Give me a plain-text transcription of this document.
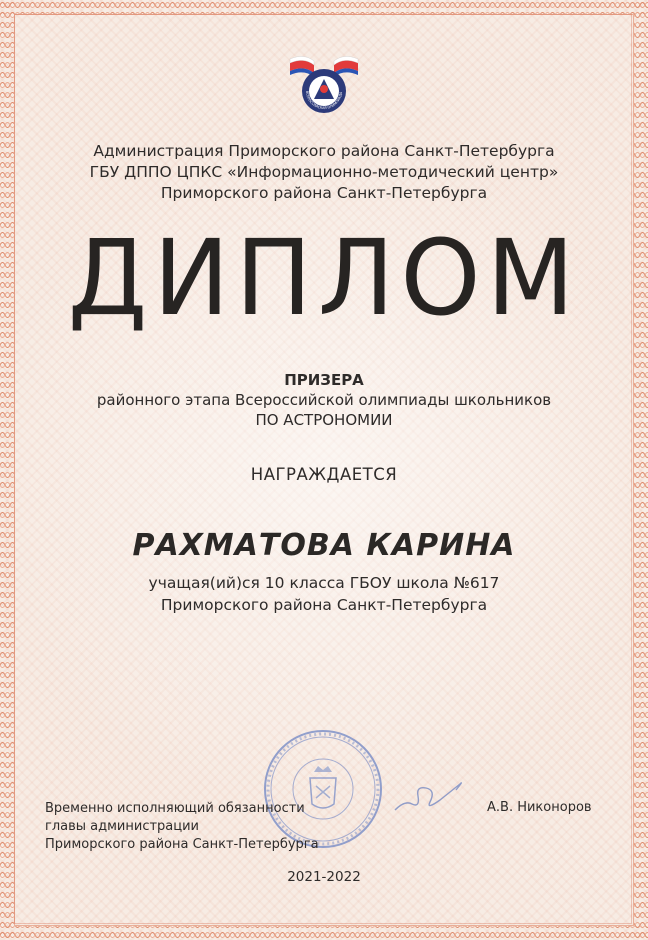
ВСЕРОССИЙСКАЯ ОЛИМПИАДА
Администрация Приморского района Санкт-Петербурга
ГБУ ДППО ЦПКС «Информационно-методический центр»
Приморского района Санкт-Петербурга
ДИПЛОМ
ПРИЗЕРА
районного этапа Всероссийской олимпиады школьников
ПО АСТРОНОМИИ
НАГРАЖДАЕТСЯ
РАХМАТОВА КАРИНА
учащая(ий)ся 10 класса ГБОУ школа №617
Приморского района Санкт-Петербурга
Временно исполняющий обязанности
главы администрации
Приморского района Санкт-Петербурга
А.В. Никоноров
2021-2022
